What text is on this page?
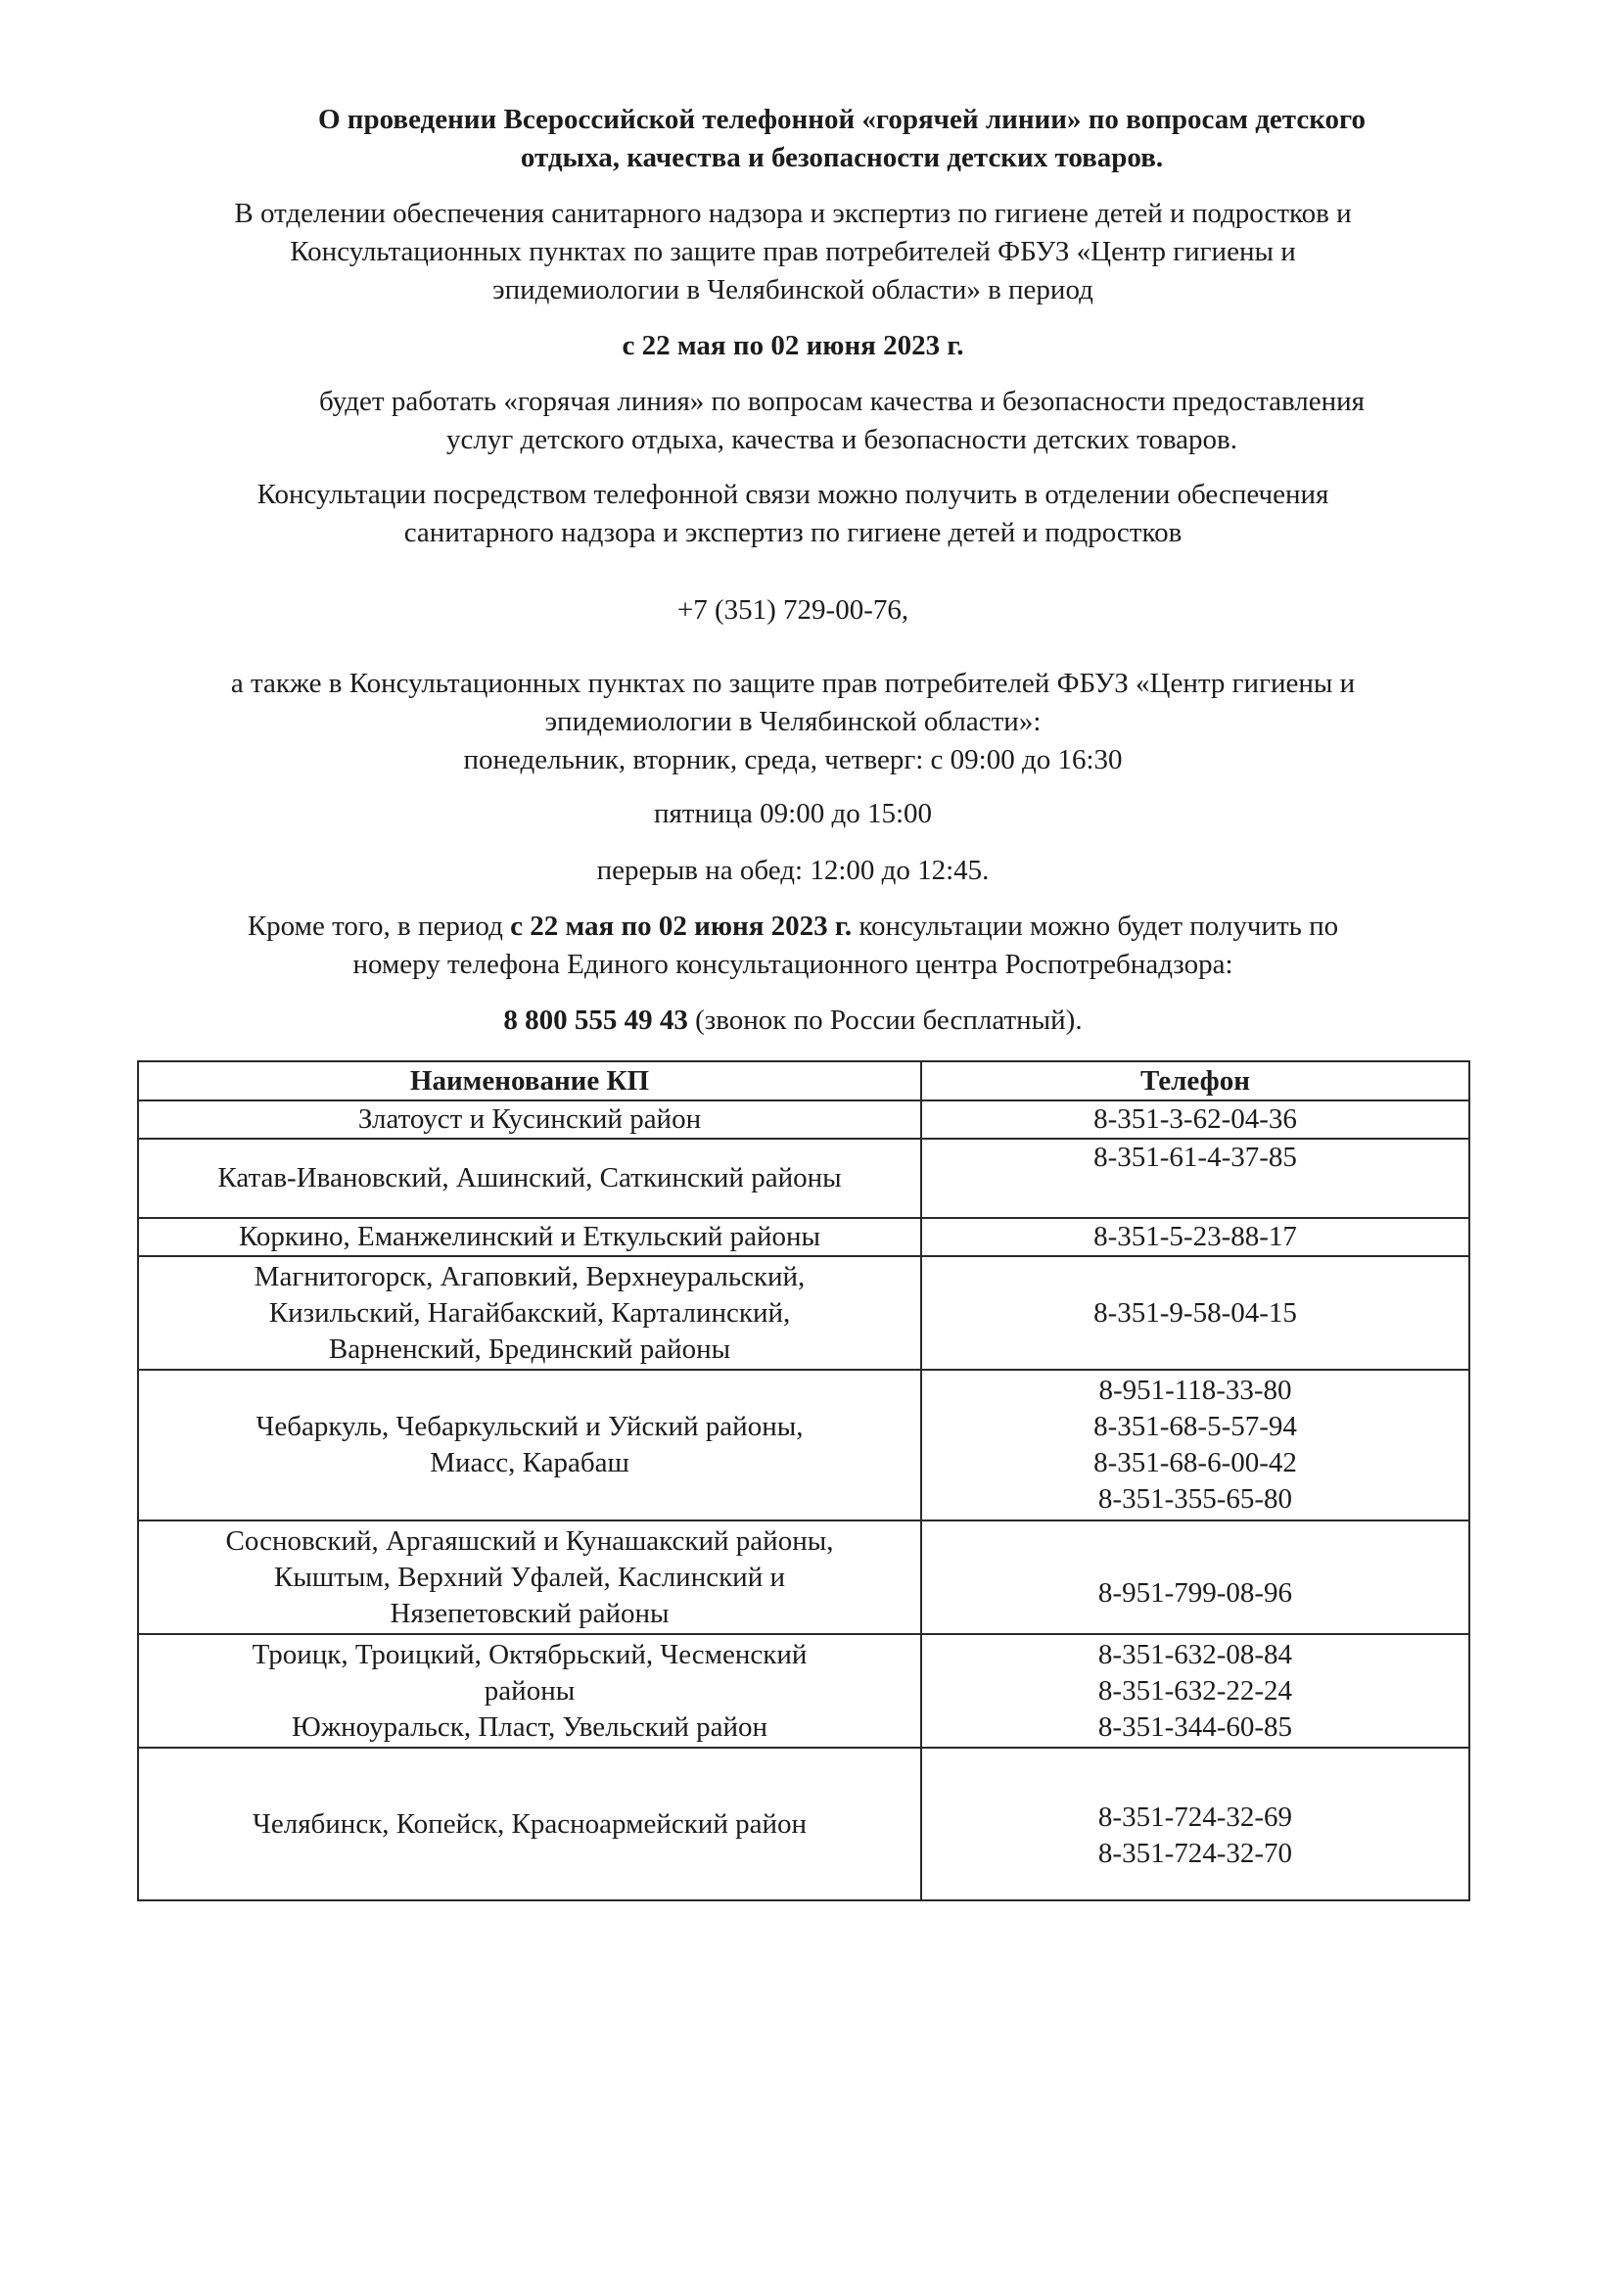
О проведении Всероссийской телефонной «горячей линии» по вопросам детского
отдыха, качества и безопасности детских товаров.
В отделении обеспечения санитарного надзора и экспертиз по гигиене детей и подростков и
Консультационных пунктах по защите прав потребителей ФБУЗ «Центр гигиены и
эпидемиологии в Челябинской области» в период
с 22 мая по 02 июня 2023 г.
будет работать «горячая линия» по вопросам качества и безопасности предоставления
услуг детского отдыха, качества и безопасности детских товаров.
Консультации посредством телефонной связи можно получить в отделении обеспечения
санитарного надзора и экспертиз по гигиене детей и подростков
+7 (351) 729-00-76,
а также в Консультационных пунктах по защите прав потребителей ФБУЗ «Центр гигиены и
эпидемиологии в Челябинской области»:
понедельник, вторник, среда, четверг: с 09:00 до 16:30
пятница 09:00 до 15:00
перерыв на обед: 12:00 до 12:45.
Кроме того, в период с 22 мая по 02 июня 2023 г. консультации можно будет получить по
номеру телефона Единого консультационного центра Роспотребнадзора:
8 800 555 49 43 (звонок по России бесплатный).
Наименование КП	Телефон

Златоуст и Кусинский район	8-351-3-62-04-36

Катав-Ивановский, Ашинский, Саткинский районы	8-351-61-4-37-85

Коркино, Еманжелинский и Еткульский районы	8-351-5-23-88-17

Магнитогорск, Агаповкий, Верхнеуральский,
Кизильский, Нагайбакский, Карталинский,
Варненский, Брединский районы	8-351-9-58-04-15

Чебаркуль, Чебаркульский и Уйский районы,
Миасс, Карабаш	8-951-118-33-80
8-351-68-5-57-94
8-351-68-6-00-42
8-351-355-65-80

Сосновский, Аргаяшский и Кунашакский районы,
Кыштым, Верхний Уфалей, Каслинский и
Нязепетовский районы	8-951-799-08-96

Троицк, Троицкий, Октябрьский, Чесменский
районы
Южноуральск, Пласт, Увельский район	8-351-632-08-84
8-351-632-22-24
8-351-344-60-85

Челябинск, Копейск, Красноармейский район	8-351-724-32-69
8-351-724-32-70
